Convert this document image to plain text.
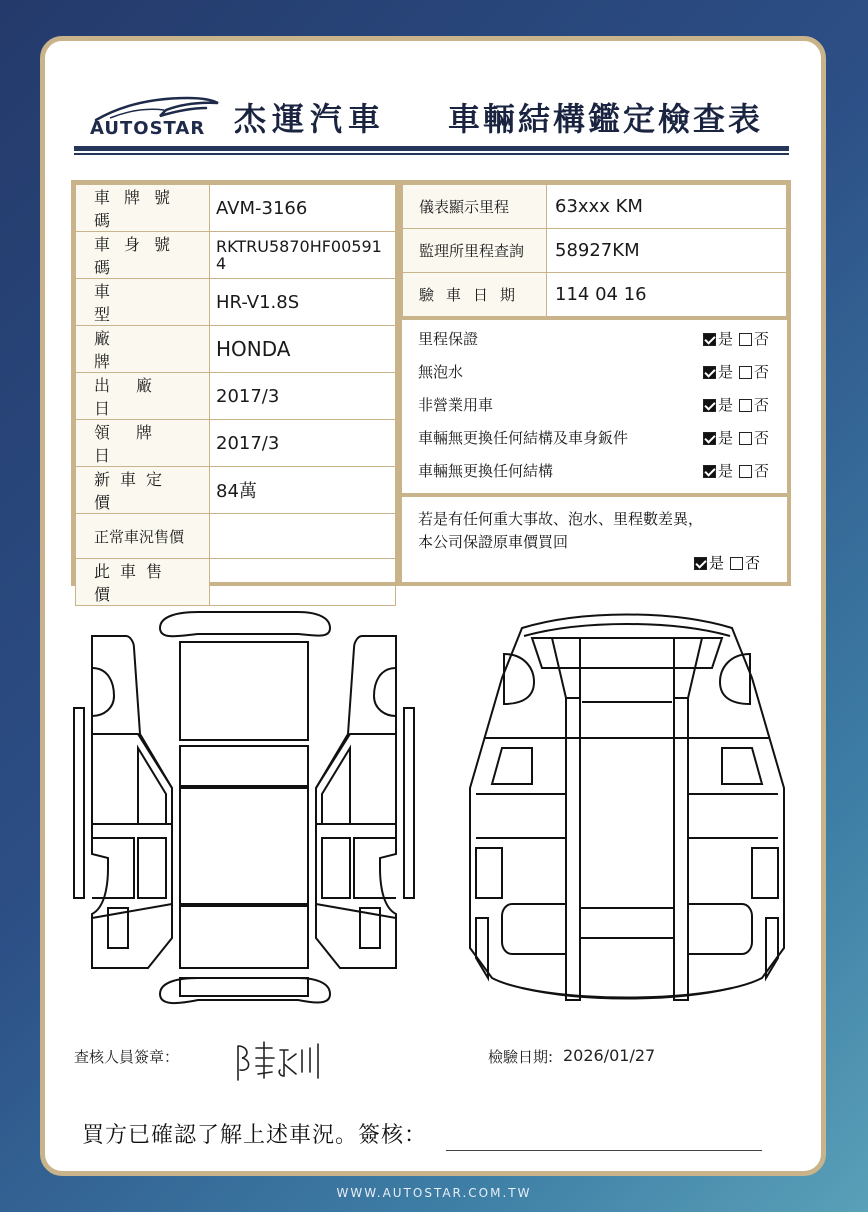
AUTOSTAR 杰運汽車 車輛結構鑑定檢查表
車牌號碼	AVM-3166

車身號碼	RKTRU5870HF00591
4

車型	HR-V1.8S

廠牌	HONDA

出廠日	2017/3

領牌日	2017/3

新車定價	84萬

正常車況售價	

此車售價	

儀表顯示里程	63xxx KM
監理所里程查詢	58927KM
驗車日期	114 04 16
里程保證	是 否
無泡水	是 否
非營業用車	是 否
車輛無更換任何結構及車身鈑件	是 否
車輛無更換任何結構	是 否
若是有任何重大事故、泡水、里程數差異，
本公司保證原車價買回
是 否
查核人員簽章：	檢驗日期: 2026/01/27
買方已確認了解上述車況。簽核：
WWW.AUTOSTAR.COM.TW
